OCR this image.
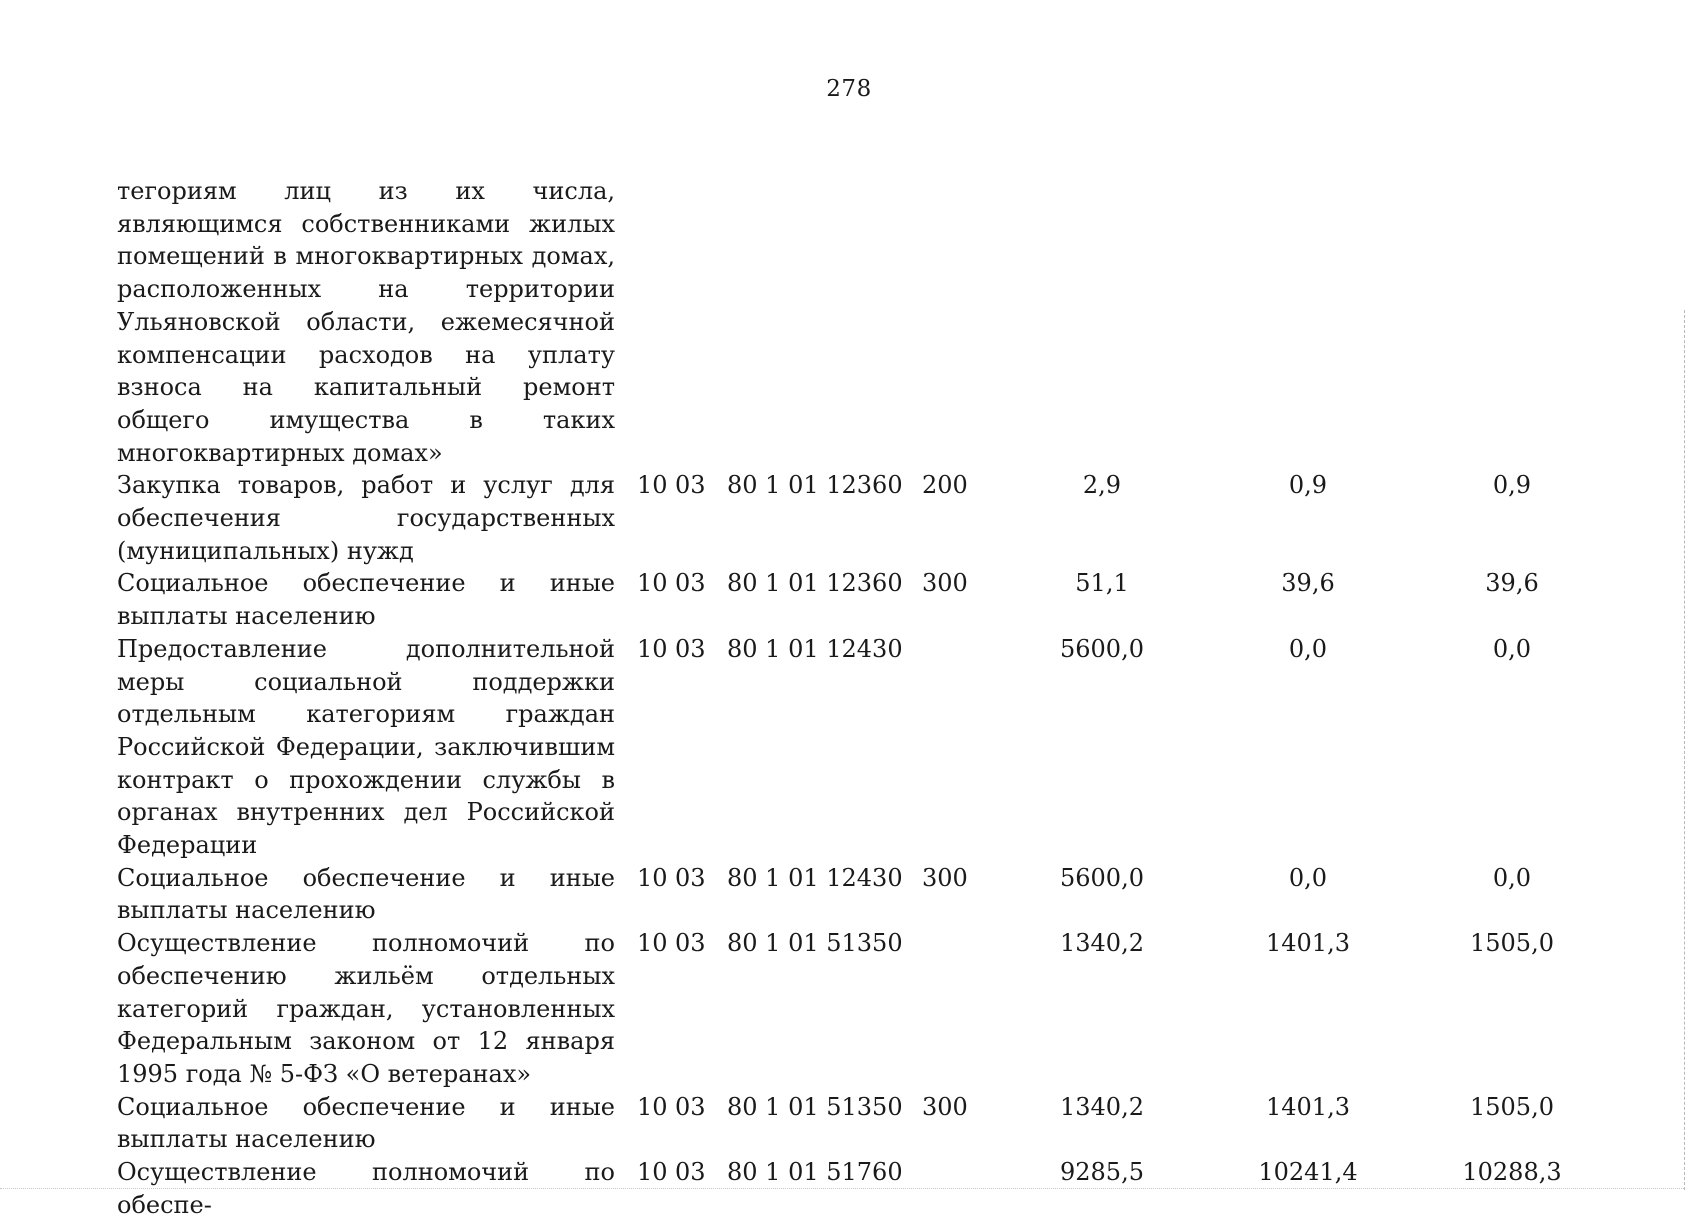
278
тегориям лиц из их числа, являющимся собственниками жилых помещений в многоквартирных домах, расположенных на территории Ульяновской области, ежемесячной компенсации расходов на уплату взноса на капитальный ремонт общего имущества в таких многоквартирных домах»							
Закупка товаров, работ и услуг для обеспечения государственных (муниципальных) нужд	10	03	80 1 01 12360	200	2,9	0,9	0,9
Социальное обеспечение и иные выплаты населению	10	03	80 1 01 12360	300	51,1	39,6	39,6
Предоставление дополнительной меры социальной поддержки отдельным категориям граждан Российской Федерации, заключившим контракт о прохождении службы в органах внутренних дел Российской Федерации	10	03	80 1 01 12430		5600,0	0,0	0,0
Социальное обеспечение и иные выплаты населению	10	03	80 1 01 12430	300	5600,0	0,0	0,0
Осуществление полномочий по обеспечению жильём отдельных категорий граждан, установленных Федеральным законом от 12 января 1995 года № 5-ФЗ «О ветеранах»	10	03	80 1 01 51350		1340,2	1401,3	1505,0
Социальное обеспечение и иные выплаты населению	10	03	80 1 01 51350	300	1340,2	1401,3	1505,0
Осуществление полномочий по обеспе-	10	03	80 1 01 51760		9285,5	10241,4	10288,3
